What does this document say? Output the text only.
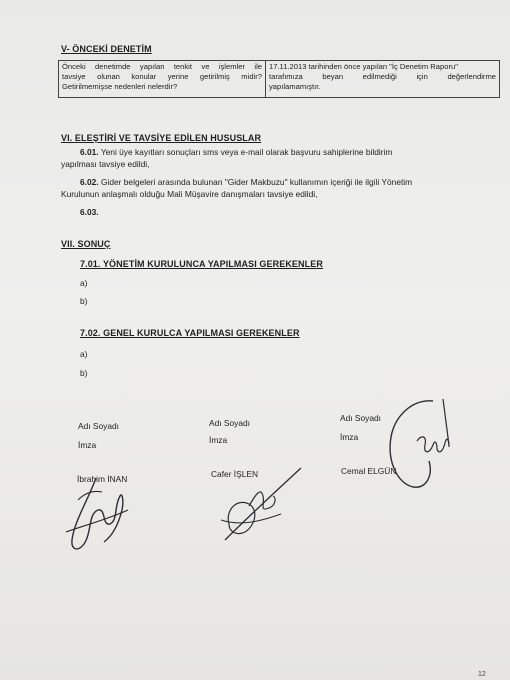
V- ÖNCEKİ DENETİM
Önceki denetimde yapılan tenkit ve işlemler ile
tavsiye olunan konular yerine getirilmiş midir?
Getirilmemişse nedenleri nelerdir?

17.11.2013 tarihinden önce yapılan "İç Denetim Raporu"
tarafımıza beyan edilmediği için değerlendirme
yapılamamıştır.
VI. ELEŞTİRİ VE TAVSİYE EDİLEN HUSUSLAR
6.01. Yeni üye kayıtları sonuçları sms veya e-mail olarak başvuru sahiplerine bildirim
yapılması tavsiye edildi,
6.02. Gider belgeleri arasında bulunan "Gider Makbuzu" kullanımın içeriği ile ilgili Yönetim
Kurulunun anlaşmalı olduğu Mali Müşavire danışmaları tavsiye edildi,
6.03.
VII. SONUÇ
7.01. YÖNETİM KURULUNCA YAPILMASI GEREKENLER
a)
b)
7.02. GENEL KURULCA YAPILMASI GEREKENLER
a)
b)
Adı Soyadı
İmza
İbrahim İNAN
Adı Soyadı
İmza
Cafer İŞLEN
Adı Soyadı
İmza
Cemal ELGÜN
12
